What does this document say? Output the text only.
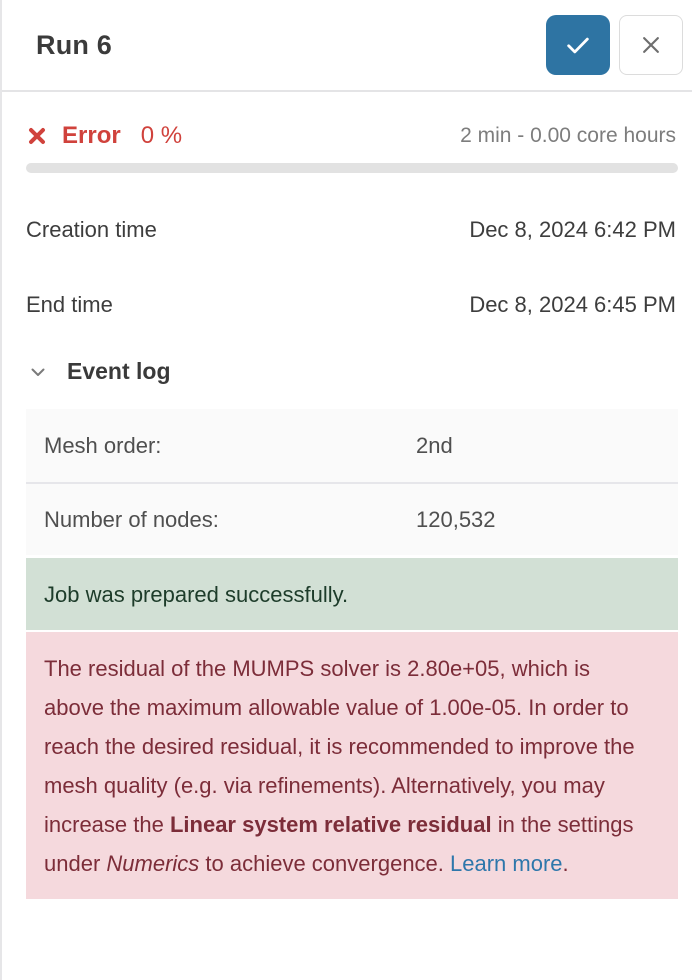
Run 6
Error 0 %	2 min - 0.00 core hours
Creation time	Dec 8, 2024 6:42 PM
End time	Dec 8, 2024 6:45 PM
Event log
Mesh order:	2nd
Number of nodes:	120,532
Job was prepared successfully.
The residual of the MUMPS solver is 2.80e+05, which is above the maximum allowable value of 1.00e-05. In order to reach the desired residual, it is recommended to improve the mesh quality (e.g. via refinements). Alternatively, you may increase the Linear system relative residual in the settings under Numerics to achieve convergence. Learn more.
